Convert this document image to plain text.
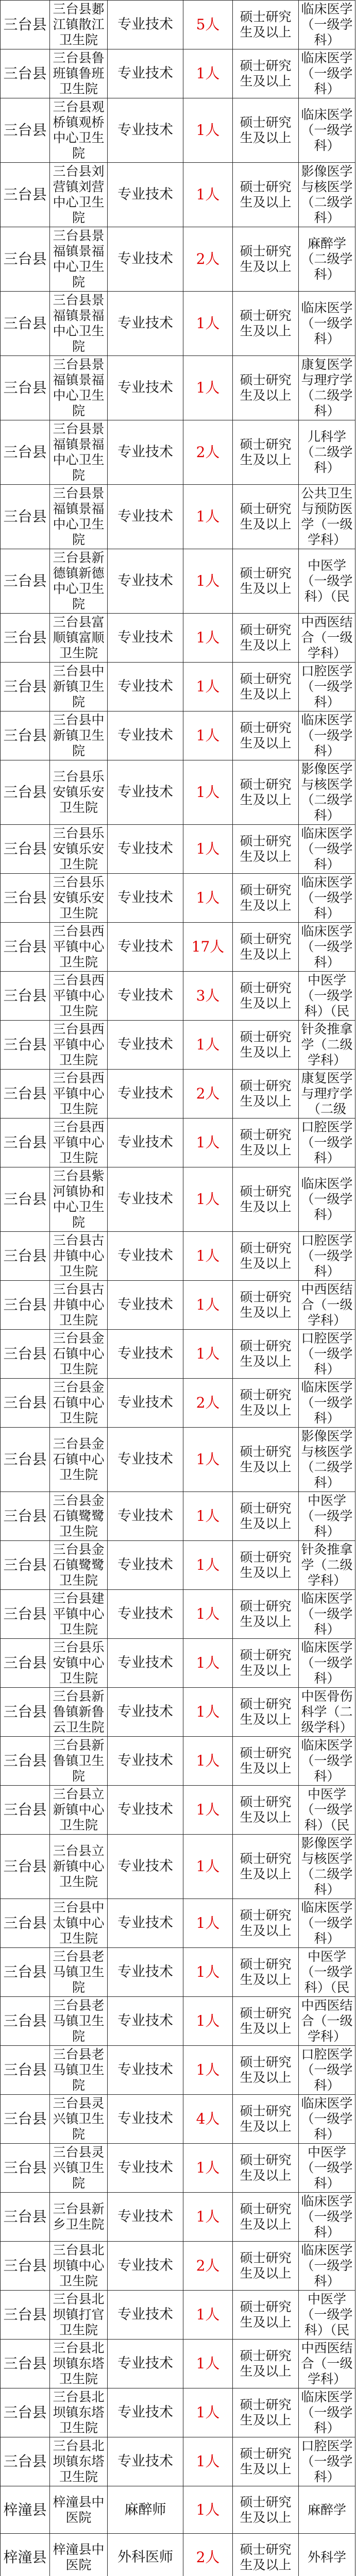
三台县	三台县郪江镇散江卫生院	专业技术	5人	硕士研究生及以上	临床医学（一级学科）
三台县	三台县鲁班镇鲁班卫生院	专业技术	1人	硕士研究生及以上	临床医学（一级学科）
三台县	三台县观桥镇观桥中心卫生院	专业技术	1人	硕士研究生及以上	临床医学（一级学科）
三台县	三台县刘营镇刘营中心卫生院	专业技术	1人	硕士研究生及以上	影像医学与核医学（二级学科）
三台县	三台县景福镇景福中心卫生院	专业技术	2人	硕士研究生及以上	麻醉学（二级学科）
三台县	三台县景福镇景福中心卫生院	专业技术	1人	硕士研究生及以上	临床医学（一级学科）
三台县	三台县景福镇景福中心卫生院	专业技术	1人	硕士研究生及以上	康复医学与理疗学（二级学科）
三台县	三台县景福镇景福中心卫生院	专业技术	2人	硕士研究生及以上	儿科学（二级学科）
三台县	三台县景福镇景福中心卫生院	专业技术	1人	硕士研究生及以上	公共卫生与预防医学（一级学科）
三台县	三台县新德镇新德中心卫生院	专业技术	1人	硕士研究生及以上	中医学（一级学科）（民
三台县	三台县富顺镇富顺卫生院	专业技术	1人	硕士研究生及以上	中西医结合（一级学科）
三台县	三台县中新镇卫生院	专业技术	1人	硕士研究生及以上	口腔医学（一级学科）
三台县	三台县中新镇卫生院	专业技术	1人	硕士研究生及以上	临床医学（一级学科）
三台县	三台县乐安镇乐安卫生院	专业技术	1人	硕士研究生及以上	影像医学与核医学（二级学科）
三台县	三台县乐安镇乐安卫生院	专业技术	1人	硕士研究生及以上	临床医学（一级学科）
三台县	三台县乐安镇乐安卫生院	专业技术	1人	硕士研究生及以上	临床医学（一级学科）
三台县	三台县西平镇中心卫生院	专业技术	17人	硕士研究生及以上	临床医学（一级学科）
三台县	三台县西平镇中心卫生院	专业技术	3人	硕士研究生及以上	中医学（一级学科）（民
三台县	三台县西平镇中心卫生院	专业技术	1人	硕士研究生及以上	针灸推拿学（二级学科）
三台县	三台县西平镇中心卫生院	专业技术	2人	硕士研究生及以上	康复医学与理疗学（二级
三台县	三台县西平镇中心卫生院	专业技术	1人	硕士研究生及以上	口腔医学（一级学科）
三台县	三台县紫河镇协和中心卫生院	专业技术	1人	硕士研究生及以上	临床医学（一级学科）
三台县	三台县古井镇中心卫生院	专业技术	1人	硕士研究生及以上	口腔医学（一级学科）
三台县	三台县古井镇中心卫生院	专业技术	1人	硕士研究生及以上	中西医结合（一级学科）
三台县	三台县金石镇中心卫生院	专业技术	1人	硕士研究生及以上	口腔医学（一级学科）
三台县	三台县金石镇中心卫生院	专业技术	2人	硕士研究生及以上	临床医学（一级学科）
三台县	三台县金石镇中心卫生院	专业技术	1人	硕士研究生及以上	影像医学与核医学（二级学科）
三台县	三台县金石镇鹭鹭卫生院	专业技术	1人	硕士研究生及以上	中医学（一级学科）
三台县	三台县金石镇鹭鹭卫生院	专业技术	1人	硕士研究生及以上	针灸推拿学（二级学科）
三台县	三台县建平镇中心卫生院	专业技术	1人	硕士研究生及以上	临床医学（一级学科）
三台县	三台县乐安镇中心卫生院	专业技术	1人	硕士研究生及以上	临床医学（一级学科）
三台县	三台县新鲁镇新鲁云卫生院	专业技术	1人	硕士研究生及以上	中医骨伤科学（二级学科）
三台县	三台县新鲁镇卫生院	专业技术	1人	硕士研究生及以上	临床医学（一级学科）
三台县	三台县立新镇中心卫生院	专业技术	1人	硕士研究生及以上	中医学（一级学科）（民
三台县	三台县立新镇中心卫生院	专业技术	1人	硕士研究生及以上	影像医学与核医学（二级学科）
三台县	三台县中太镇中心卫生院	专业技术	1人	硕士研究生及以上	临床医学（一级学科）
三台县	三台县老马镇卫生院	专业技术	1人	硕士研究生及以上	中医学（一级学科）（民
三台县	三台县老马镇卫生院	专业技术	1人	硕士研究生及以上	中西医结合（一级学科）
三台县	三台县老马镇卫生院	专业技术	1人	硕士研究生及以上	口腔医学（一级学科）
三台县	三台县灵兴镇卫生院	专业技术	4人	硕士研究生及以上	临床医学（一级学科）
三台县	三台县灵兴镇卫生院	专业技术	1人	硕士研究生及以上	中医学（一级学科）
三台县	三台县新乡卫生院	专业技术	1人	硕士研究生及以上	临床医学（一级学科）
三台县	三台县北坝镇中心卫生院	专业技术	2人	硕士研究生及以上	临床医学（一级学科）
三台县	三台县北坝镇打官卫生院	专业技术	1人	硕士研究生及以上	中医学（一级学科）（民
三台县	三台县北坝镇东塔卫生院	专业技术	1人	硕士研究生及以上	中西医结合（一级学科）
三台县	三台县北坝镇东塔卫生院	专业技术	1人	硕士研究生及以上	临床医学（一级学科）
三台县	三台县北坝镇东塔卫生院	专业技术	1人	硕士研究生及以上	口腔医学（一级学科）
梓潼县	梓潼县中医院	麻醉师	1人	硕士研究生及以上	麻醉学
梓潼县	梓潼县中医院	外科医师	2人	硕士研究生及以上	外科学
